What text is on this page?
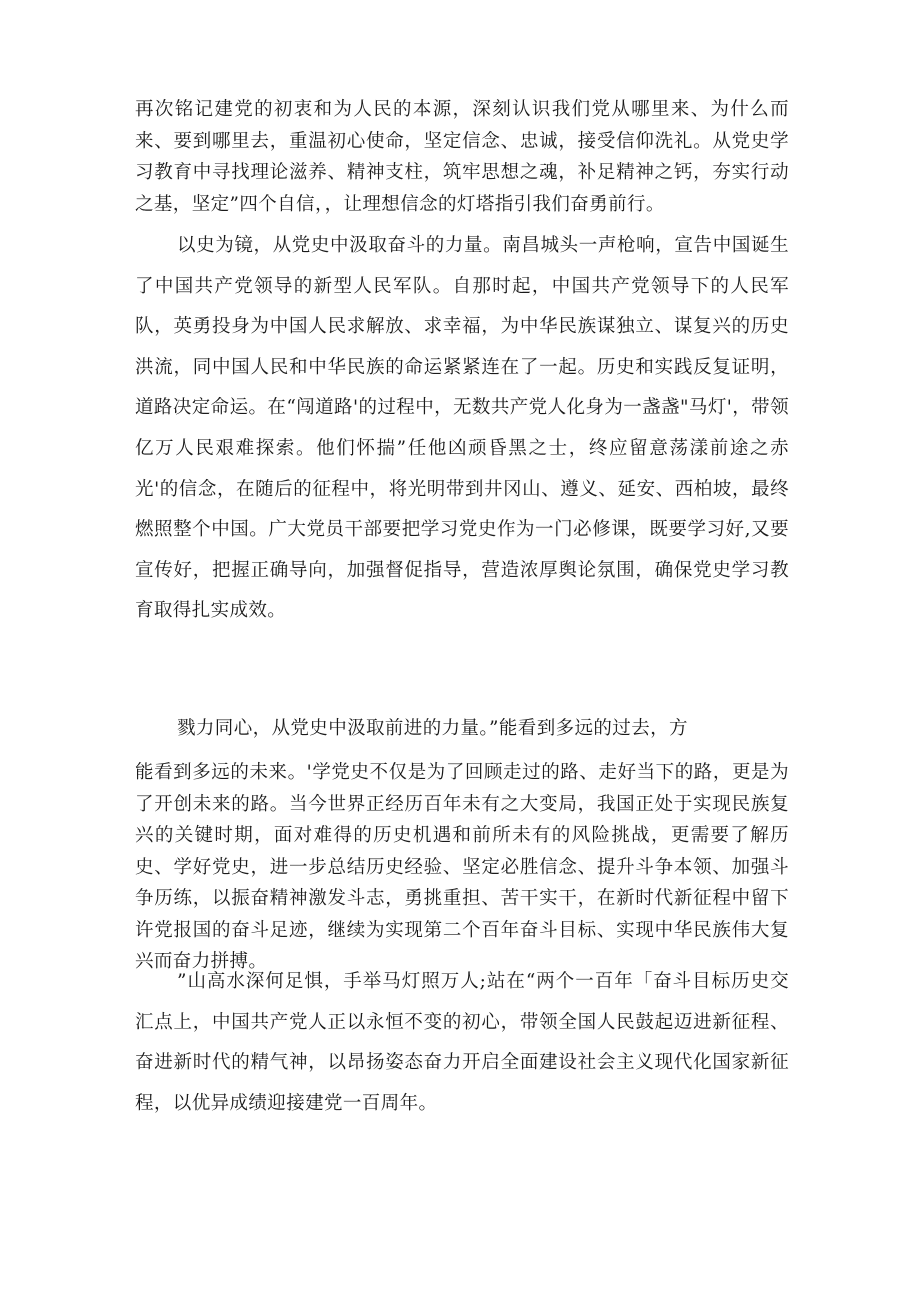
再次铭记建党的初衷和为人民的本源，深刻认识我们党从哪里来、为什么而来、要到哪里去，重温初心使命，坚定信念、忠诚，接受信仰洗礼。从党史学习教育中寻找理论滋养、精神支柱，筑牢思想之魂，补足精神之钙，夯实行动之基，坚定”四个自信，，让理想信念的灯塔指引我们奋勇前行。

以史为镜，从党史中汲取奋斗的力量。南昌城头一声枪响，宣告中国诞生了中国共产党领导的新型人民军队。自那时起，中国共产党领导下的人民军队，英勇投身为中国人民求解放、求幸福，为中华民族谋独立、谋复兴的历史洪流，同中国人民和中华民族的命运紧紧连在了一起。历史和实践反复证明，道路决定命运。在“闯道路'的过程中，无数共产党人化身为一盏盏"马灯'，带领亿万人民艰难探索。他们怀揣”任他凶顽昏黑之士，终应留意荡漾前途之赤光'的信念，在随后的征程中，将光明带到井冈山、遵义、延安、西柏坡，最终燃照整个中国。广大党员干部要把学习党史作为一门必修课，既要学习好,又要宣传好，把握正确导向，加强督促指导，营造浓厚舆论氛围，确保党史学习教育取得扎实成效。

戮力同心，从党史中汲取前进的力量。”能看到多远的过去，方

能看到多远的未来。'学党史不仅是为了回顾走过的路、走好当下的路，更是为了开创未来的路。当今世界正经历百年未有之大变局，我国正处于实现民族复兴的关键时期，面对难得的历史机遇和前所未有的风险挑战，更需要了解历史、学好党史，进一步总结历史经验、坚定必胜信念、提升斗争本领、加强斗争历练，以振奋精神激发斗志，勇挑重担、苦干实干，在新时代新征程中留下许党报国的奋斗足迹，继续为实现第二个百年奋斗目标、实现中华民族伟大复兴而奋力拼搏。

”山高水深何足惧，手举马灯照万人;站在“两个一百年「奋斗目标历史交汇点上，中国共产党人正以永恒不变的初心，带领全国人民鼓起迈进新征程、奋进新时代的精气神，以昂扬姿态奋力开启全面建设社会主义现代化国家新征程，以优异成绩迎接建党一百周年。
